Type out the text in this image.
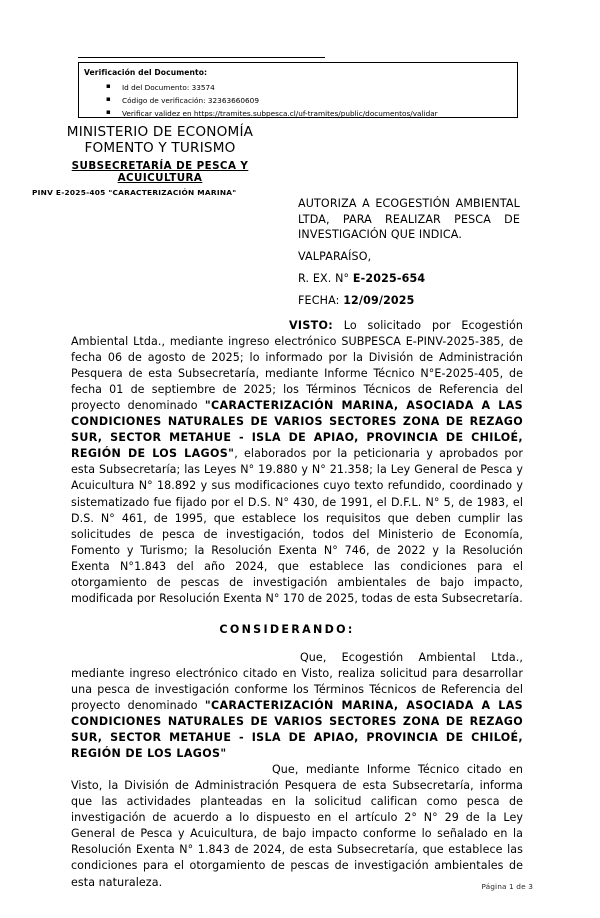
Verificación del Documento:
▪ Id del Documento: 33574
▪ Código de verificación: 32363660609
▪ Verificar validez en https://tramites.subpesca.cl/uf-tramites/public/documentos/validar
MINISTERIO DE ECONOMÍA
FOMENTO Y TURISMO
SUBSECRETARÍA DE PESCA Y
ACUICULTURA
PINV E-2025-405 "CARACTERIZACIÓN MARINA"
AUTORIZA A ECOGESTIÓN AMBIENTAL LTDA, PARA REALIZAR PESCA DE INVESTIGACIÓN QUE INDICA.
VALPARAÍSO,
R. EX. N° E-2025-654
FECHA: 12/09/2025

VISTO: Lo solicitado por Ecogestión Ambiental Ltda., mediante ingreso electrónico SUBPESCA E-PINV-2025-385, de fecha 06 de agosto de 2025; lo informado por la División de Administración Pesquera de esta Subsecretaría, mediante Informe Técnico N°E-2025-405, de fecha 01 de septiembre de 2025; los Términos Técnicos de Referencia del proyecto denominado "CARACTERIZACIÓN MARINA, ASOCIADA A LAS CONDICIONES NATURALES DE VARIOS SECTORES ZONA DE REZAGO SUR, SECTOR METAHUE - ISLA DE APIAO, PROVINCIA DE CHILOÉ, REGIÓN DE LOS LAGOS", elaborados por la peticionaria y aprobados por esta Subsecretaría; las Leyes N° 19.880 y N° 21.358; la Ley General de Pesca y Acuicultura N° 18.892 y sus modificaciones cuyo texto refundido, coordinado y sistematizado fue fijado por el D.S. N° 430, de 1991, el D.F.L. N° 5, de 1983, el D.S. N° 461, de 1995, que establece los requisitos que deben cumplir las solicitudes de pesca de investigación, todos del Ministerio de Economía, Fomento y Turismo; la Resolución Exenta N° 746, de 2022 y la Resolución Exenta N°1.843 del año 2024, que establece las condiciones para el otorgamiento de pescas de investigación ambientales de bajo impacto, modificada por Resolución Exenta N° 170 de 2025, todas de esta Subsecretaría.

CONSIDERANDO:

Que, Ecogestión Ambiental Ltda., mediante ingreso electrónico citado en Visto, realiza solicitud para desarrollar una pesca de investigación conforme los Términos Técnicos de Referencia del proyecto denominado "CARACTERIZACIÓN MARINA, ASOCIADA A LAS CONDICIONES NATURALES DE VARIOS SECTORES ZONA DE REZAGO SUR, SECTOR METAHUE - ISLA DE APIAO, PROVINCIA DE CHILOÉ, REGIÓN DE LOS LAGOS"

Que, mediante Informe Técnico citado en Visto, la División de Administración Pesquera de esta Subsecretaría, informa que las actividades planteadas en la solicitud califican como pesca de investigación de acuerdo a lo dispuesto en el artículo 2° N° 29 de la Ley General de Pesca y Acuicultura, de bajo impacto conforme lo señalado en la Resolución Exenta N° 1.843 de 2024, de esta Subsecretaría, que establece las condiciones para el otorgamiento de pescas de investigación ambientales de esta naturaleza.	Página 1 de 3
